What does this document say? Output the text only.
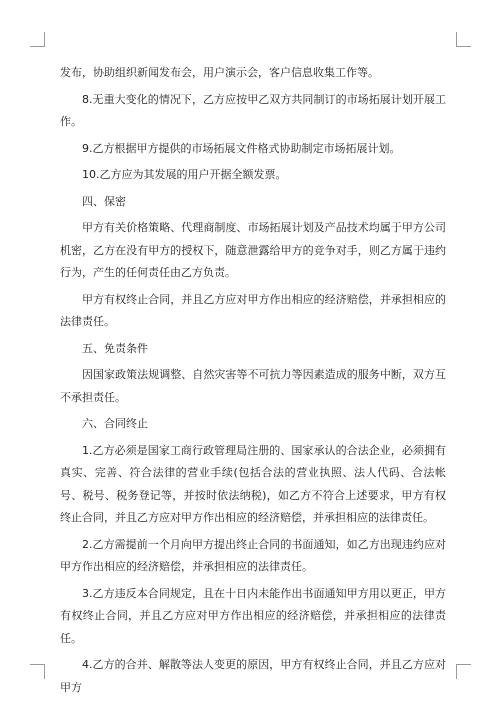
发布，协助组织新闻发布会，用户演示会，客户信息收集工作等。

8.无重大变化的情况下，乙方应按甲乙双方共同制订的市场拓展计划开展工作。

9.乙方根据甲方提供的市场拓展文件格式协助制定市场拓展计划。

10.乙方应为其发展的用户开据全额发票。

四、保密

甲方有关价格策略、代理商制度、市场拓展计划及产品技术均属于甲方公司机密，乙方在没有甲方的授权下，随意泄露给甲方的竞争对手，则乙方属于违约行为，产生的任何责任由乙方负责。

甲方有权终止合同，并且乙方应对甲方作出相应的经济赔偿，并承担相应的法律责任。

五、免责条件

因国家政策法规调整、自然灾害等不可抗力等因素造成的服务中断，双方互不承担责任。

六、合同终止

1.乙方必须是国家工商行政管理局注册的、国家承认的合法企业，必须拥有真实、完善、符合法律的营业手续(包括合法的营业执照、法人代码、合法帐号、税号、税务登记等，并按时依法纳税)，如乙方不符合上述要求，甲方有权终止合同，并且乙方应对甲方作出相应的经济赔偿，并承担相应的法律责任。

2.乙方需提前一个月向甲方提出终止合同的书面通知，如乙方出现违约应对甲方作出相应的经济赔偿，并承担相应的法律责任。

3.乙方违反本合同规定，且在十日内未能作出书面通知甲方用以更正，甲方有权终止合同，并且乙方应对甲方作出相应的经济赔偿，并承担相应的法律责任。

4.乙方的合并、解散等法人变更的原因，甲方有权终止合同，并且乙方应对甲方
